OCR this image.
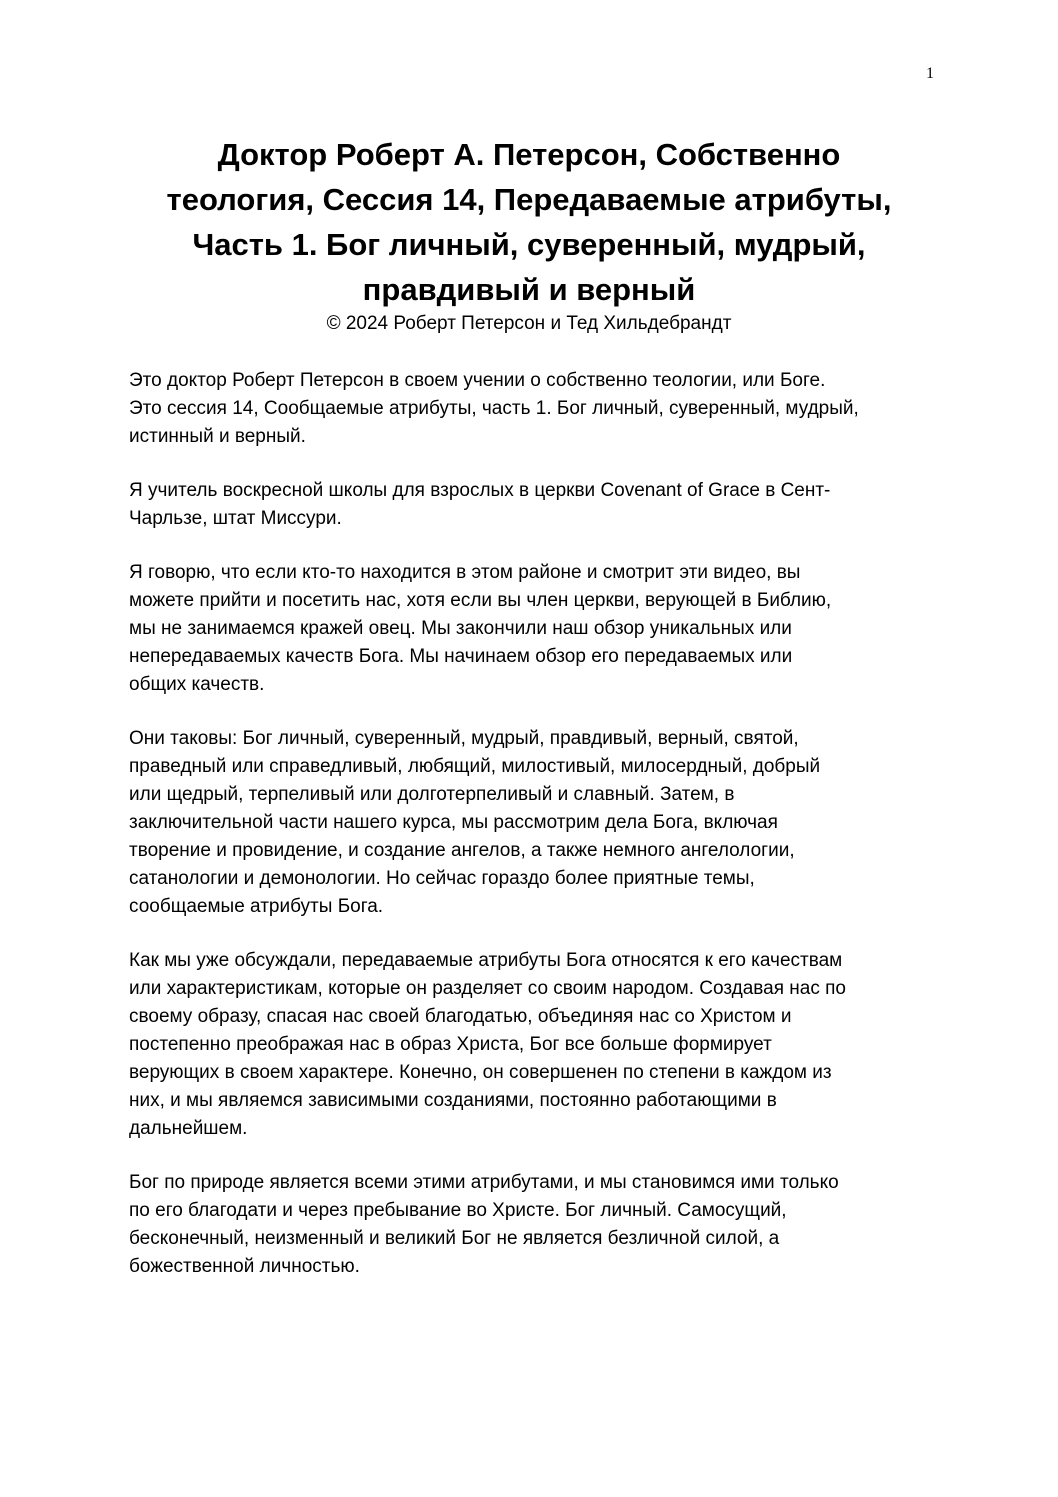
1
Доктор Роберт А. Петерсон, Собственно
теология, Сессия 14, Передаваемые атрибуты,
Часть 1. Бог личный, суверенный, мудрый,
правдивый и верный
© 2024 Роберт Петерсон и Тед Хильдебрандт

Это доктор Роберт Петерсон в своем учении о собственно теологии, или Боге.
Это сессия 14, Сообщаемые атрибуты, часть 1. Бог личный, суверенный, мудрый,
истинный и верный.

Я учитель воскресной школы для взрослых в церкви Covenant of Grace в Сент-
Чарльзе, штат Миссури.

Я говорю, что если кто-то находится в этом районе и смотрит эти видео, вы
можете прийти и посетить нас, хотя если вы член церкви, верующей в Библию,
мы не занимаемся кражей овец. Мы закончили наш обзор уникальных или
непередаваемых качеств Бога. Мы начинаем обзор его передаваемых или
общих качеств.

Они таковы: Бог личный, суверенный, мудрый, правдивый, верный, святой,
праведный или справедливый, любящий, милостивый, милосердный, добрый
или щедрый, терпеливый или долготерпеливый и славный. Затем, в
заключительной части нашего курса, мы рассмотрим дела Бога, включая
творение и провидение, и создание ангелов, а также немного ангелологии,
сатанологии и демонологии. Но сейчас гораздо более приятные темы,
сообщаемые атрибуты Бога.

Как мы уже обсуждали, передаваемые атрибуты Бога относятся к его качествам
или характеристикам, которые он разделяет со своим народом. Создавая нас по
своему образу, спасая нас своей благодатью, объединяя нас со Христом и
постепенно преображая нас в образ Христа, Бог все больше формирует
верующих в своем характере. Конечно, он совершенен по степени в каждом из
них, и мы являемся зависимыми созданиями, постоянно работающими в
дальнейшем.

Бог по природе является всеми этими атрибутами, и мы становимся ими только
по его благодати и через пребывание во Христе. Бог личный. Самосущий,
бесконечный, неизменный и великий Бог не является безличной силой, а
божественной личностью.
